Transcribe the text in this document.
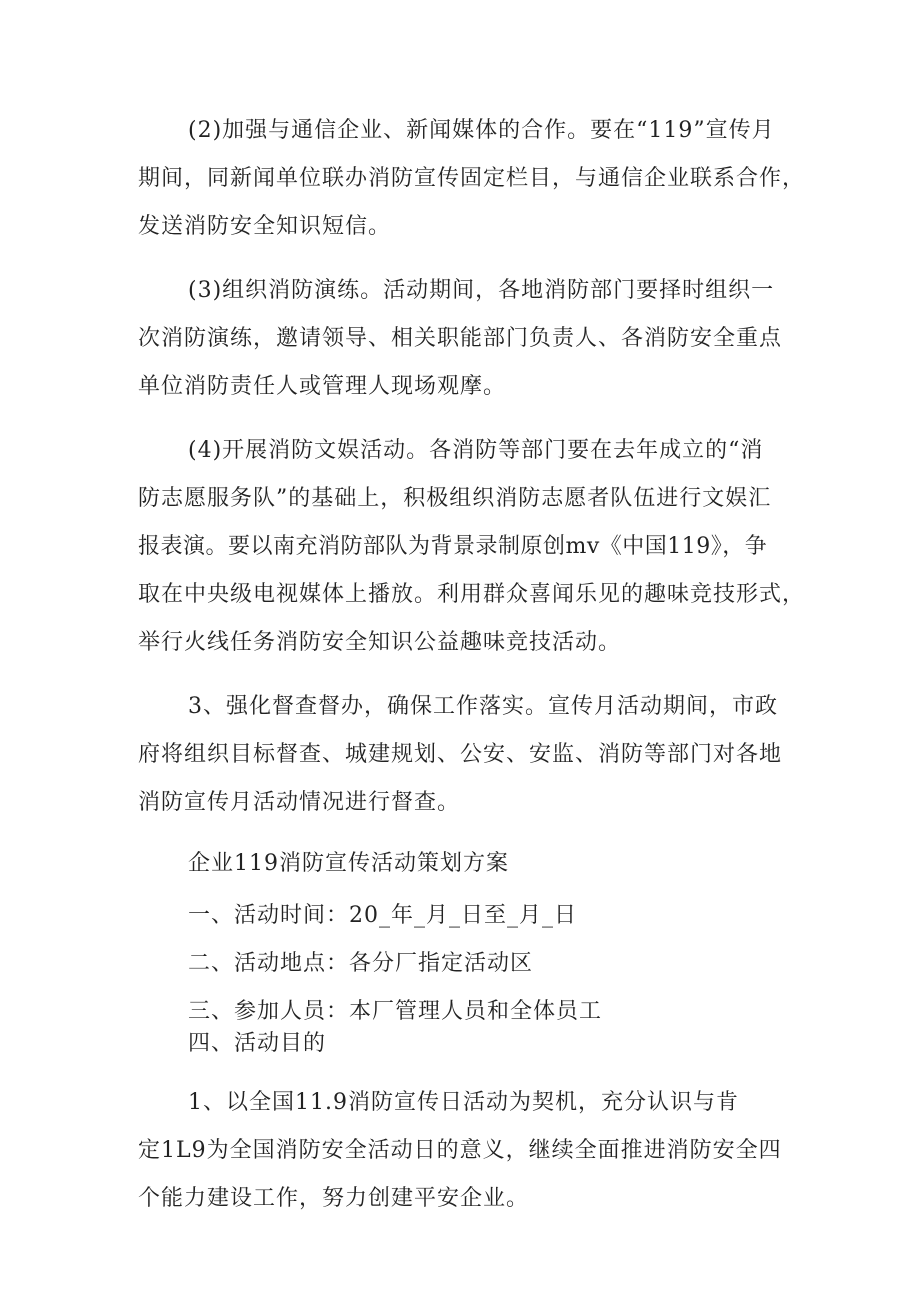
(2)加强与通信企业、新闻媒体的合作。要在“119”宣传月
期间，同新闻单位联办消防宣传固定栏目，与通信企业联系合作，
发送消防安全知识短信。
(3)组织消防演练。活动期间，各地消防部门要择时组织一
次消防演练，邀请领导、相关职能部门负责人、各消防安全重点
单位消防责任人或管理人现场观摩。
(4)开展消防文娱活动。各消防等部门要在去年成立的“消
防志愿服务队”的基础上，积极组织消防志愿者队伍进行文娱汇
报表演。要以南充消防部队为背景录制原创mv《中国119》，争
取在中央级电视媒体上播放。利用群众喜闻乐见的趣味竞技形式，
举行火线任务消防安全知识公益趣味竞技活动。
3、强化督查督办，确保工作落实。宣传月活动期间，市政
府将组织目标督查、城建规划、公安、安监、消防等部门对各地
消防宣传月活动情况进行督查。
企业119消防宣传活动策划方案
一、活动时间：20_年_月_日至_月_日
二、活动地点：各分厂指定活动区
三、参加人员：本厂管理人员和全体员工
四、活动目的
1、以全国11.9消防宣传日活动为契机，充分认识与肯
定1L9为全国消防安全活动日的意义，继续全面推进消防安全四
个能力建设工作，努力创建平安企业。
